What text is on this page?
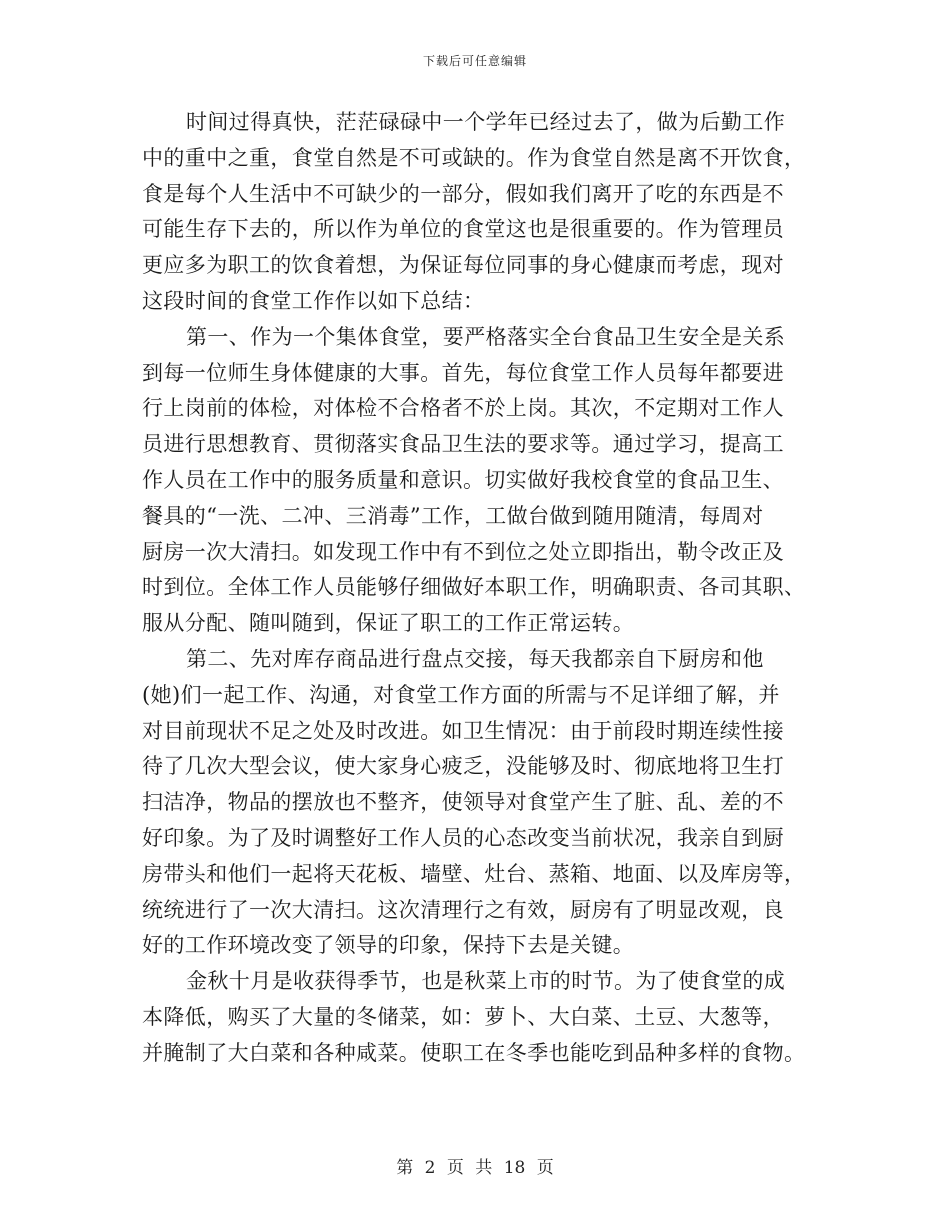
下载后可任意编辑
时间过得真快，茫茫碌碌中一个学年已经过去了，做为后勤工作
中的重中之重，食堂自然是不可或缺的。作为食堂自然是离不开饮食，
食是每个人生活中不可缺少的一部分，假如我们离开了吃的东西是不
可能生存下去的，所以作为单位的食堂这也是很重要的。作为管理员
更应多为职工的饮食着想，为保证每位同事的身心健康而考虑，现对
这段时间的食堂工作作以如下总结：
第一、作为一个集体食堂，要严格落实全台食品卫生安全是关系
到每一位师生身体健康的大事。首先，每位食堂工作人员每年都要进
行上岗前的体检，对体检不合格者不於上岗。其次，不定期对工作人
员进行思想教育、贯彻落实食品卫生法的要求等。通过学习，提高工
作人员在工作中的服务质量和意识。切实做好我校食堂的食品卫生、
餐具的“一洗、二冲、三消毒”工作，工做台做到随用随清，每周对
厨房一次大清扫。如发现工作中有不到位之处立即指出，勒令改正及
时到位。全体工作人员能够仔细做好本职工作，明确职责、各司其职、
服从分配、随叫随到，保证了职工的工作正常运转。
第二、先对库存商品进行盘点交接，每天我都亲自下厨房和他
(她)们一起工作、沟通，对食堂工作方面的所需与不足详细了解，并
对目前现状不足之处及时改进。如卫生情况：由于前段时期连续性接
待了几次大型会议，使大家身心疲乏，没能够及时、彻底地将卫生打
扫洁净，物品的摆放也不整齐，使领导对食堂产生了脏、乱、差的不
好印象。为了及时调整好工作人员的心态改变当前状况，我亲自到厨
房带头和他们一起将天花板、墙壁、灶台、蒸箱、地面、以及库房等，
统统进行了一次大清扫。这次清理行之有效，厨房有了明显改观，良
好的工作环境改变了领导的印象，保持下去是关键。
金秋十月是收获得季节，也是秋菜上市的时节。为了使食堂的成
本降低，购买了大量的冬储菜，如：萝卜、大白菜、土豆、大葱等，
并腌制了大白菜和各种咸菜。使职工在冬季也能吃到品种多样的食物。
第 2 页 共 18 页
